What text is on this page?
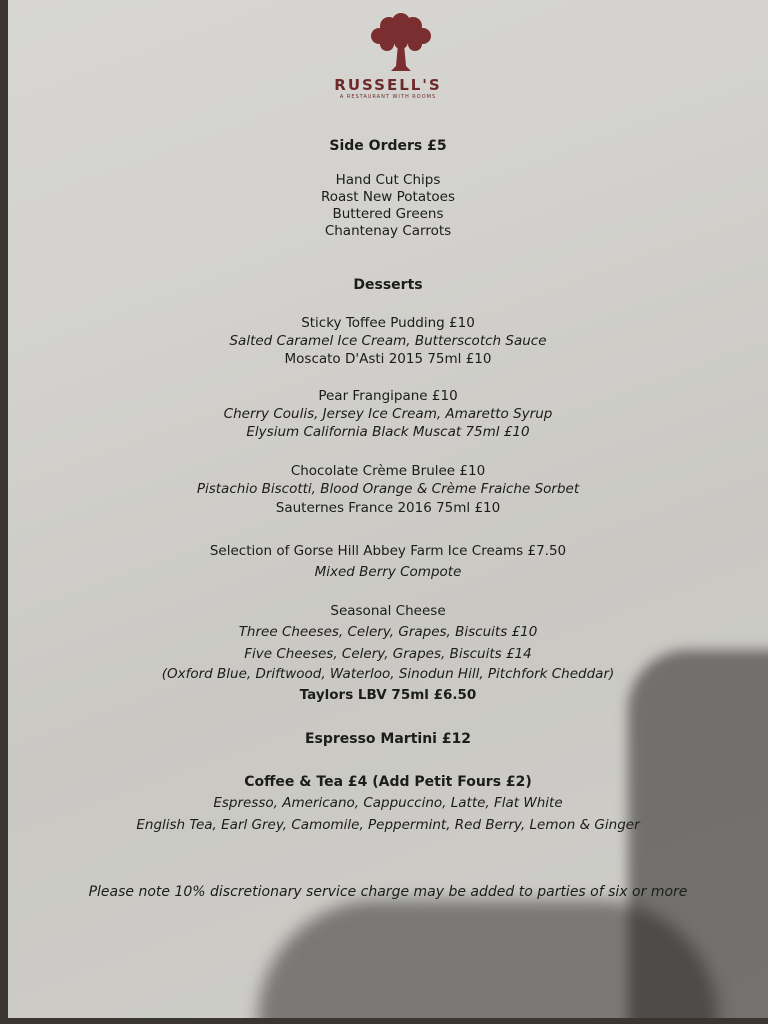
RUSSELL'S
A RESTAURANT WITH ROOMS
Side Orders £5
Hand Cut Chips
Roast New Potatoes
Buttered Greens
Chantenay Carrots
Desserts
Sticky Toffee Pudding £10
Salted Caramel Ice Cream, Butterscotch Sauce
Moscato D'Asti 2015 75ml £10
Pear Frangipane £10
Cherry Coulis, Jersey Ice Cream, Amaretto Syrup
Elysium California Black Muscat 75ml £10
Chocolate Crème Brulee £10
Pistachio Biscotti, Blood Orange & Crème Fraiche Sorbet
Sauternes France 2016 75ml £10
Selection of Gorse Hill Abbey Farm Ice Creams £7.50
Mixed Berry Compote
Seasonal Cheese
Three Cheeses, Celery, Grapes, Biscuits £10
Five Cheeses, Celery, Grapes, Biscuits £14
(Oxford Blue, Driftwood, Waterloo, Sinodun Hill, Pitchfork Cheddar)
Taylors LBV 75ml £6.50
Espresso Martini £12
Coffee & Tea £4 (Add Petit Fours £2)
Espresso, Americano, Cappuccino, Latte, Flat White
English Tea, Earl Grey, Camomile, Peppermint, Red Berry, Lemon & Ginger
Please note 10% discretionary service charge may be added to parties of six or more
